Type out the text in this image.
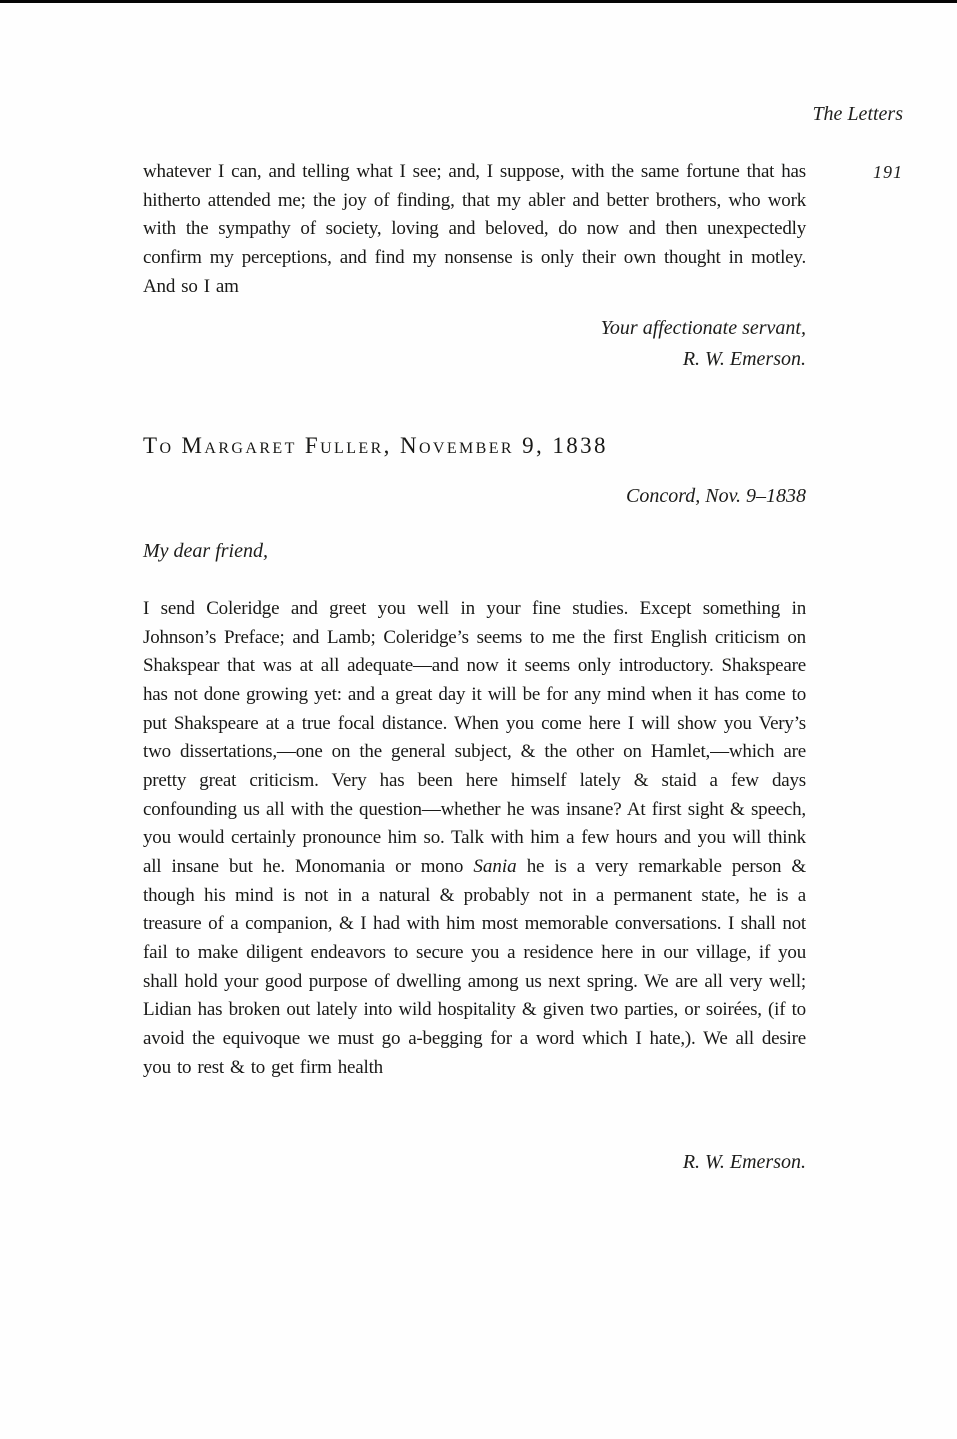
The Letters
191
whatever I can, and telling what I see; and, I suppose, with the same fortune that has hitherto attended me; the joy of finding, that my abler and better brothers, who work with the sympathy of society, loving and beloved, do now and then unexpectedly confirm my perceptions, and find my nonsense is only their own thought in motley. And so I am
Your affectionate servant,
R. W. Emerson.
To Margaret Fuller, November 9, 1838
Concord, Nov. 9–1838
My dear friend,
I send Coleridge and greet you well in your fine studies. Except something in Johnson’s Preface; and Lamb; Coleridge’s seems to me the first English criticism on Shakspear that was at all adequate—and now it seems only introductory. Shakspeare has not done growing yet: and a great day it will be for any mind when it has come to put Shakspeare at a true focal distance. When you come here I will show you Very’s two dissertations,—one on the general subject, & the other on Hamlet,—which are pretty great criticism. Very has been here himself lately & staid a few days confounding us all with the question—whether he was insane? At first sight & speech, you would certainly pronounce him so. Talk with him a few hours and you will think all insane but he. Monomania or mono Sania he is a very remarkable person & though his mind is not in a natural & probably not in a permanent state, he is a treasure of a companion, & I had with him most memorable conversations. I shall not fail to make diligent endeavors to secure you a residence here in our village, if you shall hold your good purpose of dwelling among us next spring. We are all very well; Lidian has broken out lately into wild hospitality & given two parties, or soirées, (if to avoid the equivoque we must go a-begging for a word which I hate,). We all desire you to rest & to get firm health
R. W. Emerson.
